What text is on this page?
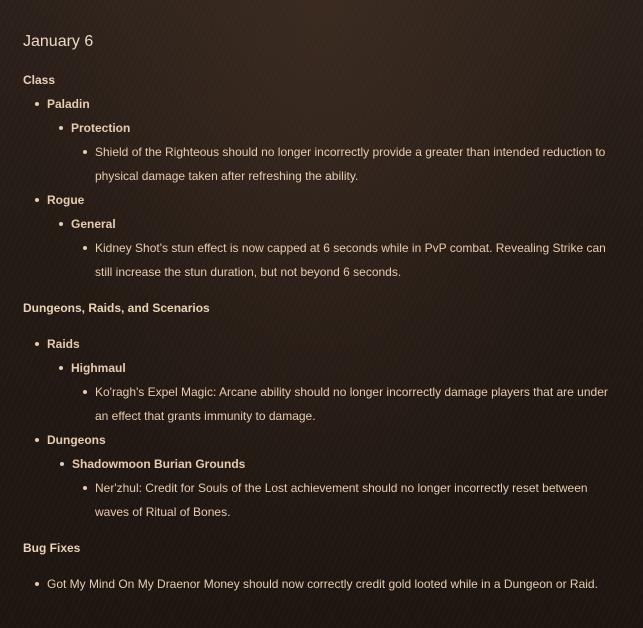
January 6
Class
Paladin
Protection
Shield of the Righteous should no longer incorrectly provide a greater than intended reduction to physical damage taken after refreshing the ability.
Rogue
General
Kidney Shot's stun effect is now capped at 6 seconds while in PvP combat. Revealing Strike can still increase the stun duration, but not beyond 6 seconds.
Dungeons, Raids, and Scenarios
Raids
Highmaul
Ko'ragh's Expel Magic: Arcane ability should no longer incorrectly damage players that are under an effect that grants immunity to damage.
Dungeons
Shadowmoon Burian Grounds
Ner'zhul: Credit for Souls of the Lost achievement should no longer incorrectly reset between waves of Ritual of Bones.
Bug Fixes
Got My Mind On My Draenor Money should now correctly credit gold looted while in a Dungeon or Raid.
